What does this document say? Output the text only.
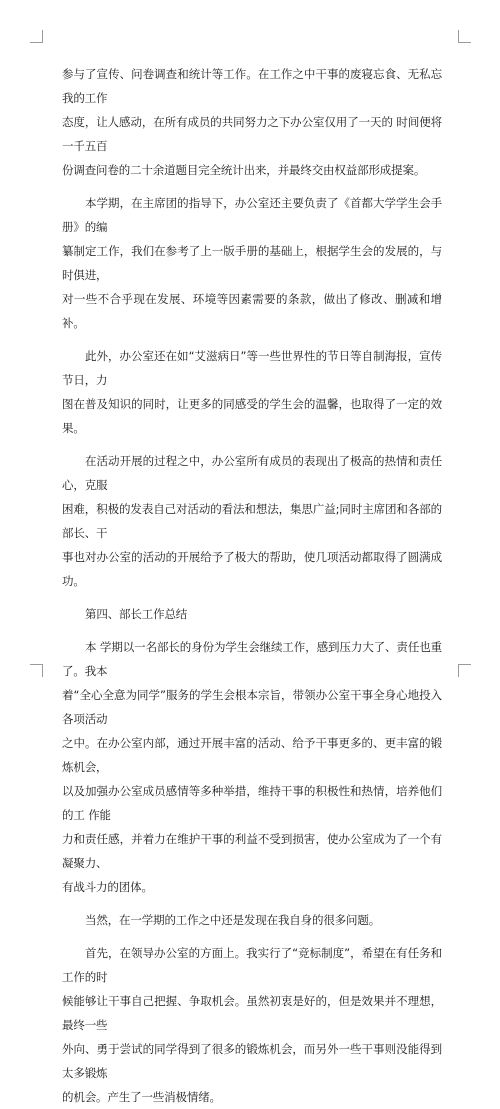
参与了宣传、问卷调查和统计等工作。在工作之中干事的废寝忘食、无私忘我的工作
态度，让人感动，在所有成员的共同努力之下办公室仅用了一天的 时间便将一千五百
份调查问卷的二十余道题目完全统计出来，并最终交由权益部形成提案。

本学期，在主席团的指导下，办公室还主要负责了《首都大学学生会手册》的编
纂制定工作，我们在参考了上一版手册的基础上，根据学生会的发展的，与时俱进，
对一些不合乎现在发展、环境等因素需要的条款，做出了修改、删减和增补。

此外，办公室还在如“艾滋病日”等一些世界性的节日等自制海报，宣传节日，力
图在普及知识的同时，让更多的同感受的学生会的温馨，也取得了一定的效果。

在活动开展的过程之中，办公室所有成员的表现出了极高的热情和责任心，克服
困难，积极的发表自己对活动的看法和想法，集思广益;同时主席团和各部的部长、干
事也对办公室的活动的开展给予了极大的帮助，使几项活动都取得了圆满成功。

第四、部长工作总结

本 学期以一名部长的身份为学生会继续工作，感到压力大了、责任也重了。我本
着“全心全意为同学”服务的学生会根本宗旨，带领办公室干事全身心地投入各项活动
之中。在办公室内部，通过开展丰富的活动、给予干事更多的、更丰富的锻炼机会，
以及加强办公室成员感情等多种举措，维持干事的积极性和热情，培养他们的工 作能
力和责任感，并着力在维护干事的利益不受到损害，使办公室成为了一个有凝聚力、
有战斗力的团体。

当然，在一学期的工作之中还是发现在我自身的很多问题。

首先，在领导办公室的方面上。我实行了“竞标制度”，希望在有任务和工作的时
候能够让干事自己把握、争取机会。虽然初衷是好的，但是效果并不理想，最终一些
外向、勇于尝试的同学得到了很多的锻炼机会，而另外一些干事则没能得到太多锻炼
的机会。产生了一些消极情绪。
